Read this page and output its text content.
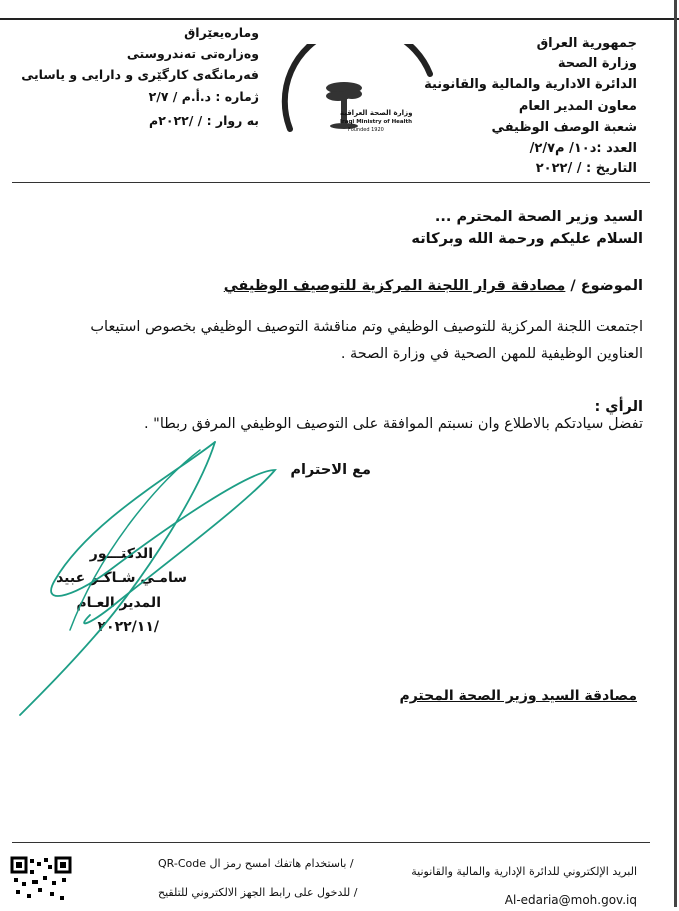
جمهورية العراق
وزارة الصحة
الدائرة الادارية والمالية والقانونية
معاون المدير العام
شعبة الوصف الوظيفي
العدد :د١٠/ م٢/٧/
التاريخ : / /٢٠٢٢
ومارەیعێراق
وەزارەتی تەندروستی
فەرمانگەی کارگێری و دارایی و یاسایی
ژمارە : د.أ.م / ٢/٧
بە روار : / /٢٠٢٢م	وزارة الصحة العراقية
Iraqi Ministry of Health
Founded 1920
السيد وزير الصحة المحترم ...
السلام عليكم ورحمة الله وبركاته
الموضوع / مصادقة قرار اللجنة المركزية للتوصيف الوظيفي
اجتمعت اللجنة المركزية للتوصيف الوظيفي وتم مناقشة التوصيف الوظيفي بخصوص استيعاب
العناوين الوظيفية للمهن الصحية في وزارة الصحة .
الرأي :
تفضل سيادتكم بالاطلاع وان نسبتم الموافقة على التوصيف الوظيفي المرفق ربطا" .
مع الاحترام
الدكتـــور
سامـي شـاكـر عبيد
المدير العـام
٢٠٢٢/١١/
مصادقة السيد وزير الصحة المحترم
البريد الإلكتروني للدائرة الإدارية والمالية والقانونية
Al-edaria@moh.gov.iq
/ باستخدام هاتفك امسح رمز ال QR-Code
/ للدخول على رابط الجهز الالكتروني للتلقيح
